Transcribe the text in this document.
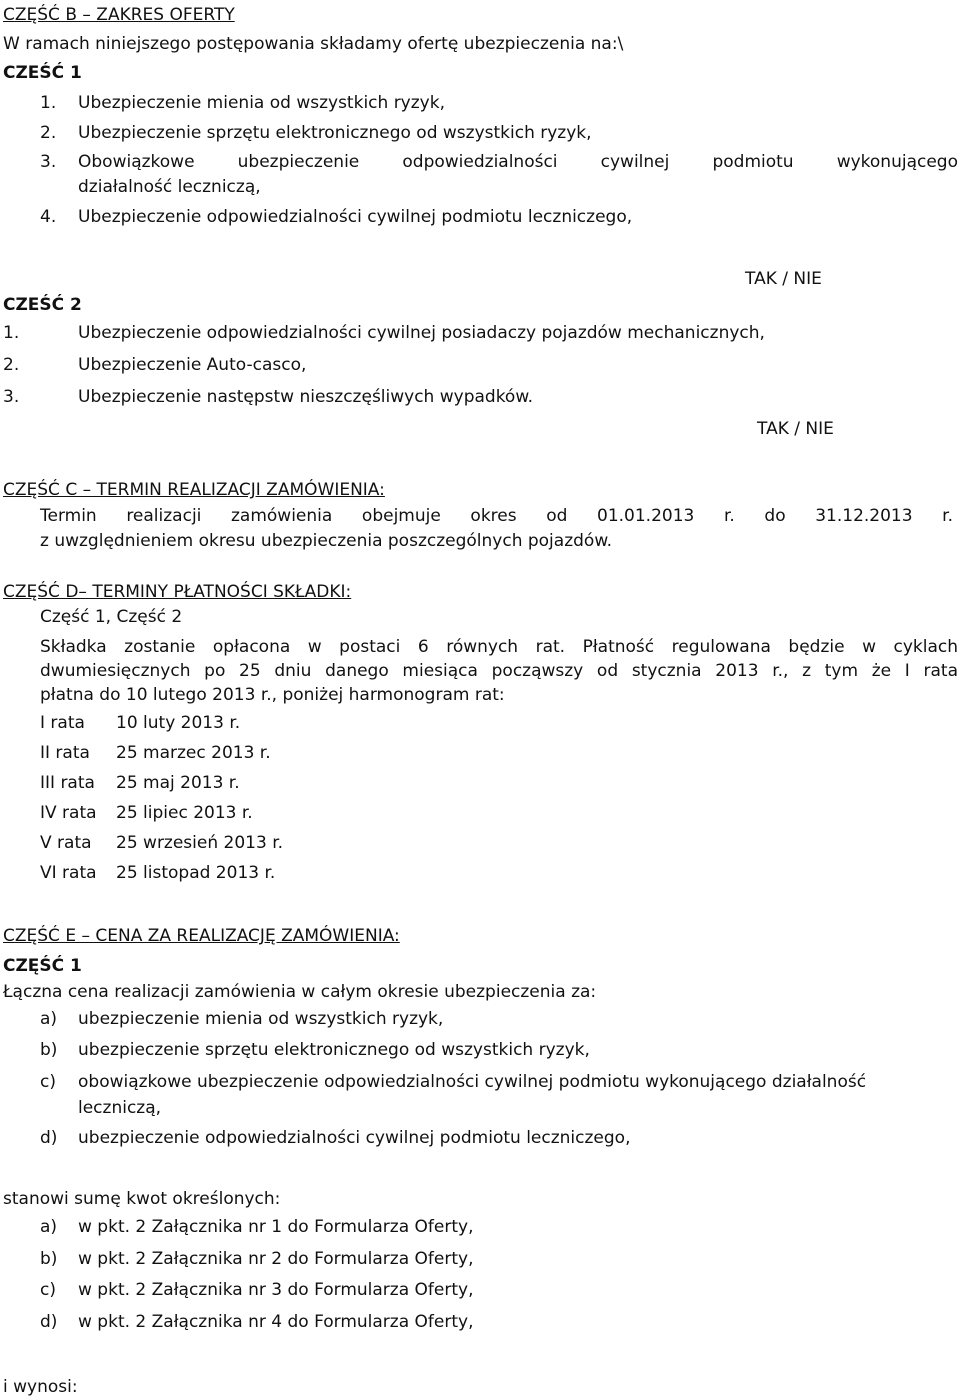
CZĘŚĆ B – ZAKRES OFERTY
W ramach niniejszego postępowania składamy ofertę ubezpieczenia na:\
CZEŚĆ 1
1. Ubezpieczenie mienia od wszystkich ryzyk,
2. Ubezpieczenie sprzętu elektronicznego od wszystkich ryzyk,
3. Obowiązkowe ubezpieczenie odpowiedzialności cywilnej podmiotu wykonującego
działalność leczniczą,
4. Ubezpieczenie odpowiedzialności cywilnej podmiotu leczniczego,
TAK / NIE
CZEŚĆ 2
1.	Ubezpieczenie odpowiedzialności cywilnej posiadaczy pojazdów mechanicznych,
2.	Ubezpieczenie Auto-casco,
3.	Ubezpieczenie następstw nieszczęśliwych wypadków.
TAK / NIE
CZĘŚĆ C – TERMIN REALIZACJI ZAMÓWIENIA:
Termin realizacji zamówienia obejmuje okres od 01.01.2013 r. do 31.12.2013 r.
z uwzględnieniem okresu ubezpieczenia poszczególnych pojazdów.
CZĘŚĆ D– TERMINY PŁATNOŚCI SKŁADKI:
Część 1, Część 2
Składka zostanie opłacona w postaci 6 równych rat. Płatność regulowana będzie w cyklach
dwumiesięcznych po 25 dniu danego miesiąca począwszy od stycznia 2013 r., z tym że I rata
płatna do 10 lutego 2013 r., poniżej harmonogram rat:
I rata 10 luty 2013 r.
II rata 25 marzec 2013 r.
III rata 25 maj 2013 r.
IV rata 25 lipiec 2013 r.
V rata 25 wrzesień 2013 r.
VI rata 25 listopad 2013 r.
CZĘŚĆ E – CENA ZA REALIZACJĘ ZAMÓWIENIA:
CZĘŚĆ 1
Łączna cena realizacji zamówienia w całym okresie ubezpieczenia za:
a) ubezpieczenie mienia od wszystkich ryzyk,
b) ubezpieczenie sprzętu elektronicznego od wszystkich ryzyk,
c) obowiązkowe ubezpieczenie odpowiedzialności cywilnej podmiotu wykonującego działalność
leczniczą,
d) ubezpieczenie odpowiedzialności cywilnej podmiotu leczniczego,
stanowi sumę kwot określonych:
a) w pkt. 2 Załącznika nr 1 do Formularza Oferty,
b) w pkt. 2 Załącznika nr 2 do Formularza Oferty,
c) w pkt. 2 Załącznika nr 3 do Formularza Oferty,
d) w pkt. 2 Załącznika nr 4 do Formularza Oferty,
i wynosi:
